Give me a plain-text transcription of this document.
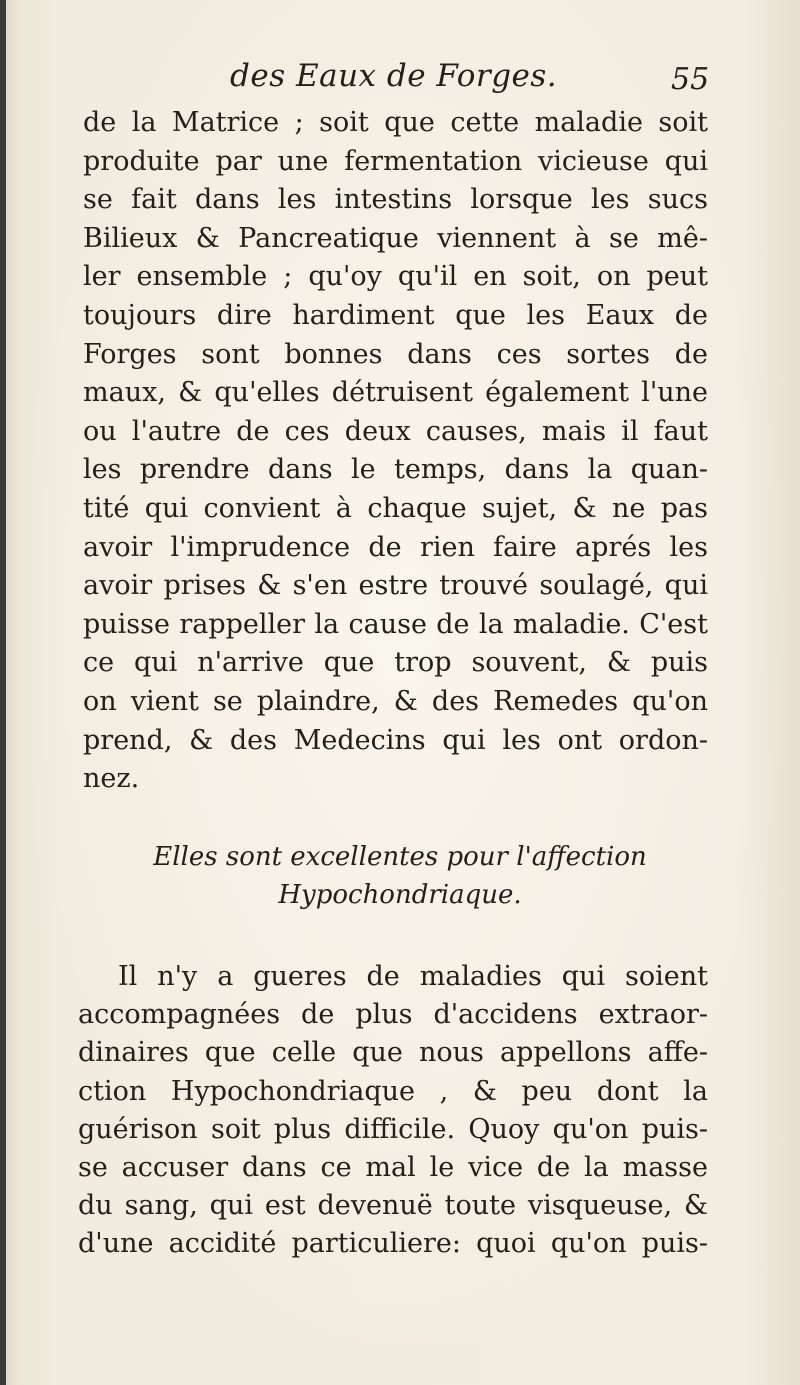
des Eaux de Forges.	55
de la Matrice ; soit que cette maladie soit
produite par une fermentation vicieuse qui
se fait dans les intestins lorsque les sucs
Bilieux & Pancreatique viennent à se mê-
ler ensemble ; qu'oy qu'il en soit, on peut
toujours dire hardiment que les Eaux de
Forges sont bonnes dans ces sortes de
maux, & qu'elles détruisent également l'une
ou l'autre de ces deux causes, mais il faut
les prendre dans le temps, dans la quan-
tité qui convient à chaque sujet, & ne pas
avoir l'imprudence de rien faire aprés les
avoir prises & s'en estre trouvé soulagé, qui
puisse rappeller la cause de la maladie. C'est
ce qui n'arrive que trop souvent, & puis
on vient se plaindre, & des Remedes qu'on
prend, & des Medecins qui les ont ordon-
nez.
Elles sont excellentes pour l'affection
Hypochondriaque.
Il n'y a gueres de maladies qui soient
accompagnées de plus d'accidens extraor-
dinaires que celle que nous appellons affe-
ction Hypochondriaque , & peu dont la
guérison soit plus difficile. Quoy qu'on puis-
se accuser dans ce mal le vice de la masse
du sang, qui est devenuë toute visqueuse, &
d'une accidité particuliere: quoi qu'on puis-
